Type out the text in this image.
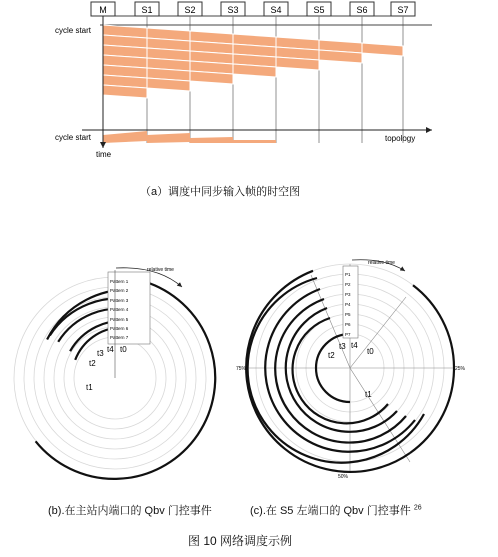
M	S1	S2	S3	S4	S5	S6	S7
cycle start
cycle start
time
topology
Pattern 1
Pattern 2
Pattern 3
Pattern 4
Pattern 5
Pattern 6
Pattern 7
relative time
t0
t4
t3
t2
t1
P1
P2
P3
P4
P5
P6
P7
relative time
25%
50%
75%
t0
t4
t3
t2
t1
（a）调度中同步输入帧的时空图
(b).在主站内端口的 Qbv 门控事件	(c).在 S5 左端口的 Qbv 门控事件 $^{26}$
图 10 网络调度示例
